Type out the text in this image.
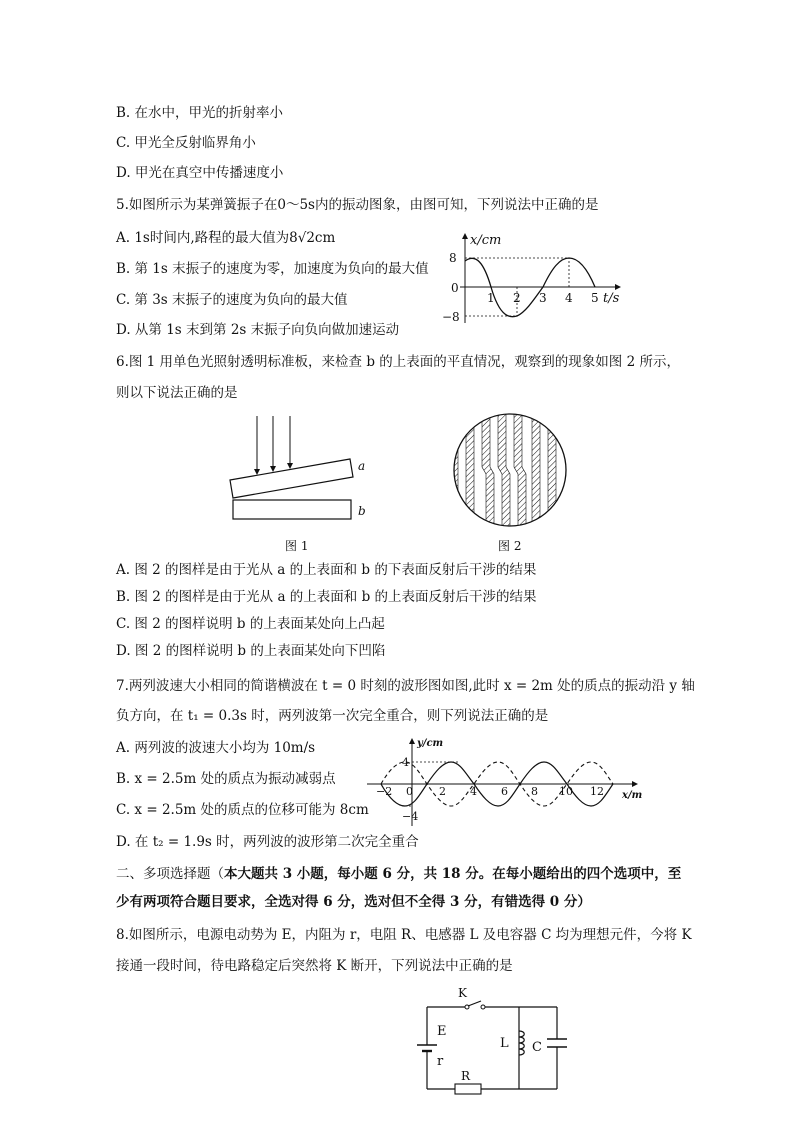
B. 在水中，甲光的折射率小
C. 甲光全反射临界角小
D. 甲光在真空中传播速度小
5.如图所示为某弹簧振子在0～5s内的振动图象，由图可知，下列说法中正确的是
A. 1s时间内,路程的最大值为8√2cm
B. 第 1s 末振子的速度为零，加速度为负向的最大值
C. 第 3s 末振子的速度为负向的最大值
D. 从第 1s 末到第 2s 末振子向负向做加速运动
x/cm
8
0
−8
1 2 3 4 5 t/s
6.图 1 用单色光照射透明标准板，来检查 b 的上表面的平直情况，观察到的现象如图 2 所示，
则以下说法正确的是
a
b
图 1	图 2
A. 图 2 的图样是由于光从 a 的上表面和 b 的下表面反射后干涉的结果
B. 图 2 的图样是由于光从 a 的上表面和 b 的上表面反射后干涉的结果
C. 图 2 的图样说明 b 的上表面某处向上凸起
D. 图 2 的图样说明 b 的上表面某处向下凹陷
7.两列波速大小相同的简谐横波在 t = 0 时刻的波形图如图,此时 x = 2m 处的质点的振动沿 y 轴
负方向，在 t₁ = 0.3s 时，两列波第一次完全重合，则下列说法正确的是
A. 两列波的波速大小均为 10m/s
B. x = 2.5m 处的质点为振动减弱点
C. x = 2.5m 处的质点的位移可能为 8cm
D. 在 t₂ = 1.9s 时，两列波的波形第二次完全重合
y/cm
4
−4
−2 0 2 4 6 8 10 12 x/m
二、多项选择题（本大题共 3 小题，每小题 6 分，共 18 分。在每小题给出的四个选项中，至
少有两项符合题目要求，全选对得 6 分，选对但不全得 3 分，有错选得 0 分）
8.如图所示，电源电动势为 E，内阻为 r，电阻 R、电感器 L 及电容器 C 均为理想元件，今将 K
接通一段时间，待电路稳定后突然将 K 断开，下列说法中正确的是
K
E
r
R
L C
